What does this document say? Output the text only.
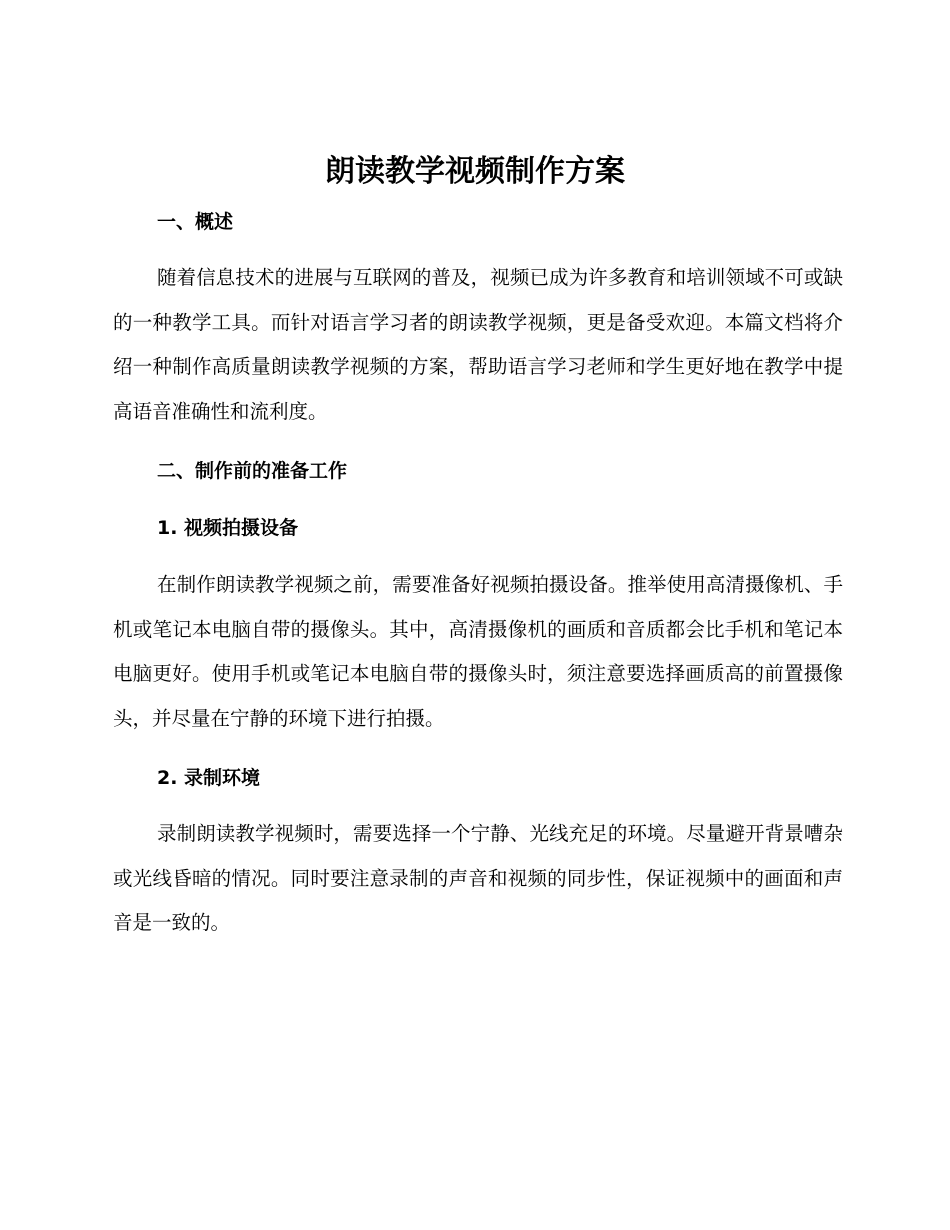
朗读教学视频制作方案
一、概述

随着信息技术的进展与互联网的普及，视频已成为许多教育和培训领域不可或缺的一种教学工具。而针对语言学习者的朗读教学视频，更是备受欢迎。本篇文档将介绍一种制作高质量朗读教学视频的方案，帮助语言学习老师和学生更好地在教学中提高语音准确性和流利度。

二、制作前的准备工作
1. 视频拍摄设备

在制作朗读教学视频之前，需要准备好视频拍摄设备。推举使用高清摄像机、手机或笔记本电脑自带的摄像头。其中，高清摄像机的画质和音质都会比手机和笔记本电脑更好。使用手机或笔记本电脑自带的摄像头时，须注意要选择画质高的前置摄像头，并尽量在宁静的环境下进行拍摄。

2. 录制环境

录制朗读教学视频时，需要选择一个宁静、光线充足的环境。尽量避开背景嘈杂或光线昏暗的情况。同时要注意录制的声音和视频的同步性，保证视频中的画面和声音是一致的。
